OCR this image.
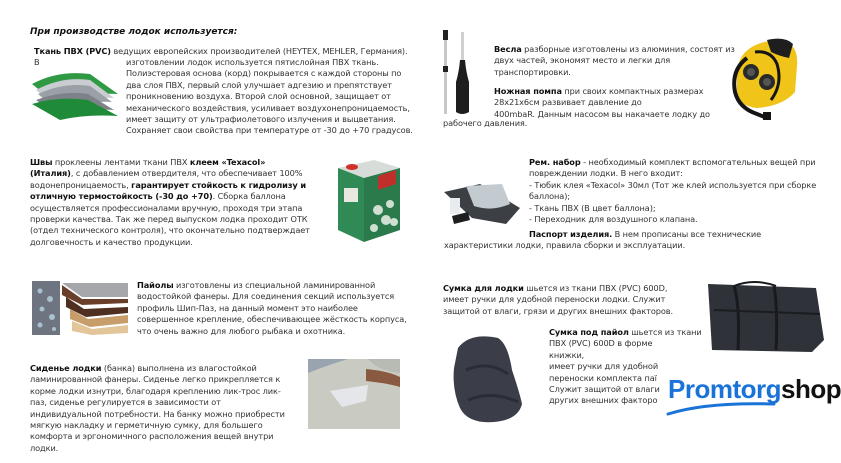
При производстве лодок используется:
Ткань ПВХ (PVC) ведущих европейских производителей (HEYTEX, MEHLER, Германия). В	изготовлении лодок используется пятислойная ПВХ ткань.
Полиэстеровая основа (корд) покрывается с каждой стороны по
два слоя ПВХ, первый слой улучшает адгезию и препятствует
проникновению воздуха. Второй слой основной, защищает от
механического воздействия, усиливает воздухонепроницаемость,
имеет защиту от ультрафиолетового излучения и выцветания.
Сохраняет свои свойства при температуре от -30 до +70 градусов.
Швы проклеены лентами ткани ПВХ клеем «Texacol» (Италия), с добавлением отвердителя, что обеспечивает 100% водонепроницаемость, гарантирует стойкость к гидролизу и отличную термостойкость (-30 до +70). Сборка баллона осуществляется профессионалами вручную, проходя три этапа проверки качества. Так же перед выпуском лодка проходит ОТК (отдел технического контроля), что окончательно подтверждает долговечность и качество продукции.
Пайолы изготовлены из специальной ламинированной водостойкой фанеры. Для соединения секций используется профиль Шип-Паз, на данный момент это наиболее совершенное крепление, обеспечивающее жёсткость корпуса, что очень важно для любого рыбака и охотника.
Сиденье лодки (банка) выполнена из влагостойкой ламинированной фанеры. Сиденье легко прикрепляется к корме лодки изнутри, благодаря креплению лик-трос лик-паз, сиденье регулируется в зависимости от индивидуальной потребности. На банку можно приобрести мягкую накладку и герметичную сумку, для большего комфорта и эргономичного расположения вещей внутри лодки.
Весла разборные изготовлены из алюминия, состоят из двух частей, экономят место и легки для транспортировки.
Ножная помпа при своих компактных размерах
28х21х6см развивает давление до
400mbaR. Данным насосом вы накачаете лодку до
рабочего давления.
Рем. набор - необходимый комплект вспомогательных вещей при повреждении лодки. В него входит:
- Тюбик клея «Texacol» 30мл (Тот же клей используется при сборке баллона);
- Ткань ПВХ (В цвет баллона);
- Переходник для воздушного клапана.
Паспорт изделия. В нем прописаны все технические
характеристики лодки, правила сборки и эксплуатации.
Сумка для лодки шьется из ткани ПВХ (PVC) 600D, имеет ручки для удобной переноски лодки. Служит защитой от влаги, грязи и других внешних факторов.
Сумка под пайол шьется из ткани
ПВХ (PVC) 600D в форме книжки,
имеет ручки для удобной
переноски комплекта паї
Служит защитой от влаги
других внешних факторо Promtorgshop
